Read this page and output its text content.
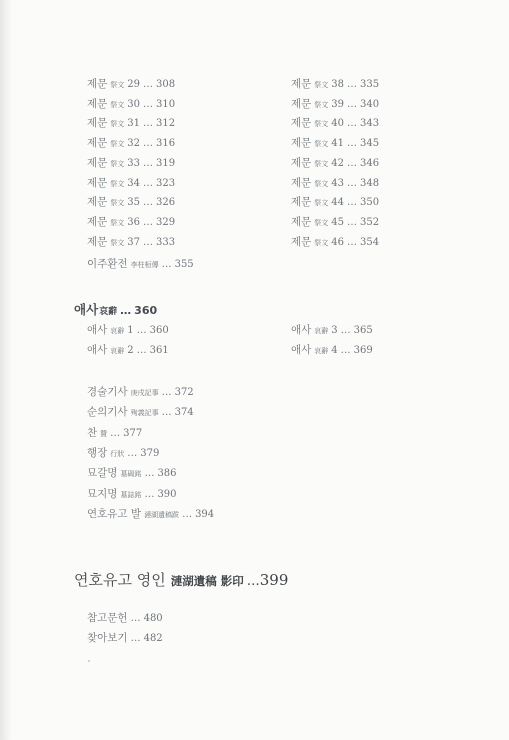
제문 祭文 29 … 308
제문 祭文 30 … 310
제문 祭文 31 … 312
제문 祭文 32 … 316
제문 祭文 33 … 319
제문 祭文 34 … 323
제문 祭文 35 … 326
제문 祭文 36 … 329
제문 祭文 37 … 333
제문 祭文 38 … 335
제문 祭文 39 … 340
제문 祭文 40 … 343
제문 祭文 41 … 345
제문 祭文 42 … 346
제문 祭文 43 … 348
제문 祭文 44 … 350
제문 祭文 45 … 352
제문 祭文 46 … 354
이주환전 李柱桓傳 … 355
애사哀辭 … 360
애사 哀辭 1 … 360
애사 哀辭 2 … 361
애사 哀辭 3 … 365
애사 哀辭 4 … 369
경술기사 庚戌記事 … 372
순의기사 殉義記事 … 374
찬贊 … 377
행장 行狀 … 379
묘갈명 墓碣銘 … 386
묘지명 墓誌銘 … 390
연호유고 발 漣湖遺稿跋 … 394
연호유고 영인 漣湖遺稿 影印 …399
참고문헌 … 480
찾아보기 … 482
